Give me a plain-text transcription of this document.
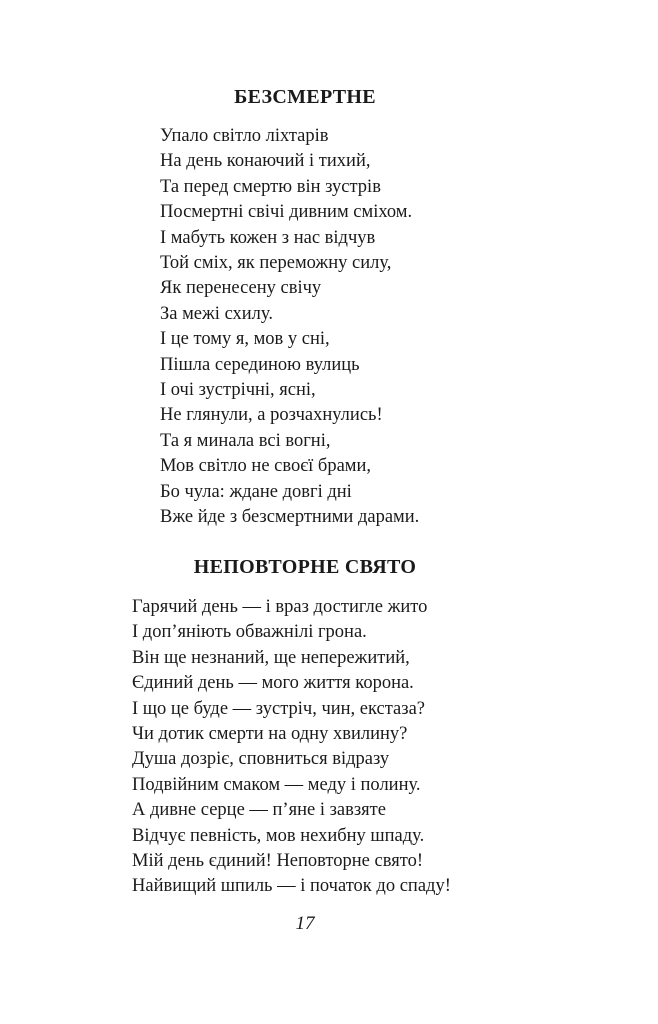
БЕЗСМЕРТНЕ
Упало світло ліхтарів
На день конаючий і тихий,
Та перед смертю він зустрів
Посмертні свічі дивним сміхом.
І мабуть кожен з нас відчув
Той сміх, як переможну силу,
Як перенесену свічу
За межі схилу.
І це тому я, мов у сні,
Пішла серединою вулиць
І очі зустрічні, ясні,
Не глянули, а розчахнулись!
Та я минала всі вогні,
Мов світло не своєї брами,
Бо чула: ждане довгі дні
Вже йде з безсмертними дарами.
НЕПОВТОРНЕ СВЯТО
Гарячий день — і враз достигле жито
І доп’яніють обважнілі грона.
Він ще незнаний, ще непережитий,
Єдиний день — мого життя корона.
І що це буде — зустріч, чин, екстаза?
Чи дотик смерти на одну хвилину?
Душа дозріє, сповниться відразу
Подвійним смаком — меду і полину.
А дивне серце — п’яне і завзяте
Відчує певність, мов нехибну шпаду.
Мій день єдиний! Неповторне свято!
Найвищий шпиль — і початок до спаду!
17
